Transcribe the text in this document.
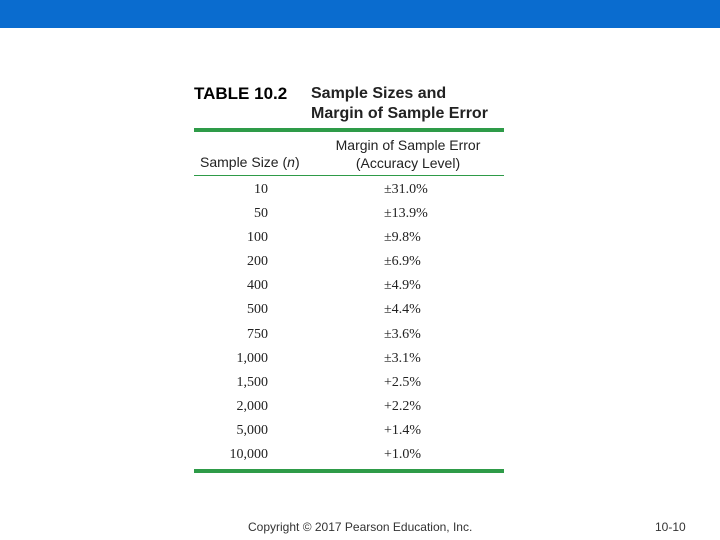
TABLE 10.2 Sample Sizes and
Margin of Sample Error
Sample Size (n)
Margin of Sample Error
(Accuracy Level)
10	±31.0%
50	±13.9%
100	±9.8%
200	±6.9%
400	±4.9%
500	±4.4%
750	±3.6%
1,000	±3.1%
1,500	+2.5%
2,000	+2.2%
5,000	+1.4%
10,000	+1.0%
Copyright © 2017 Pearson Education, Inc.	10-10
